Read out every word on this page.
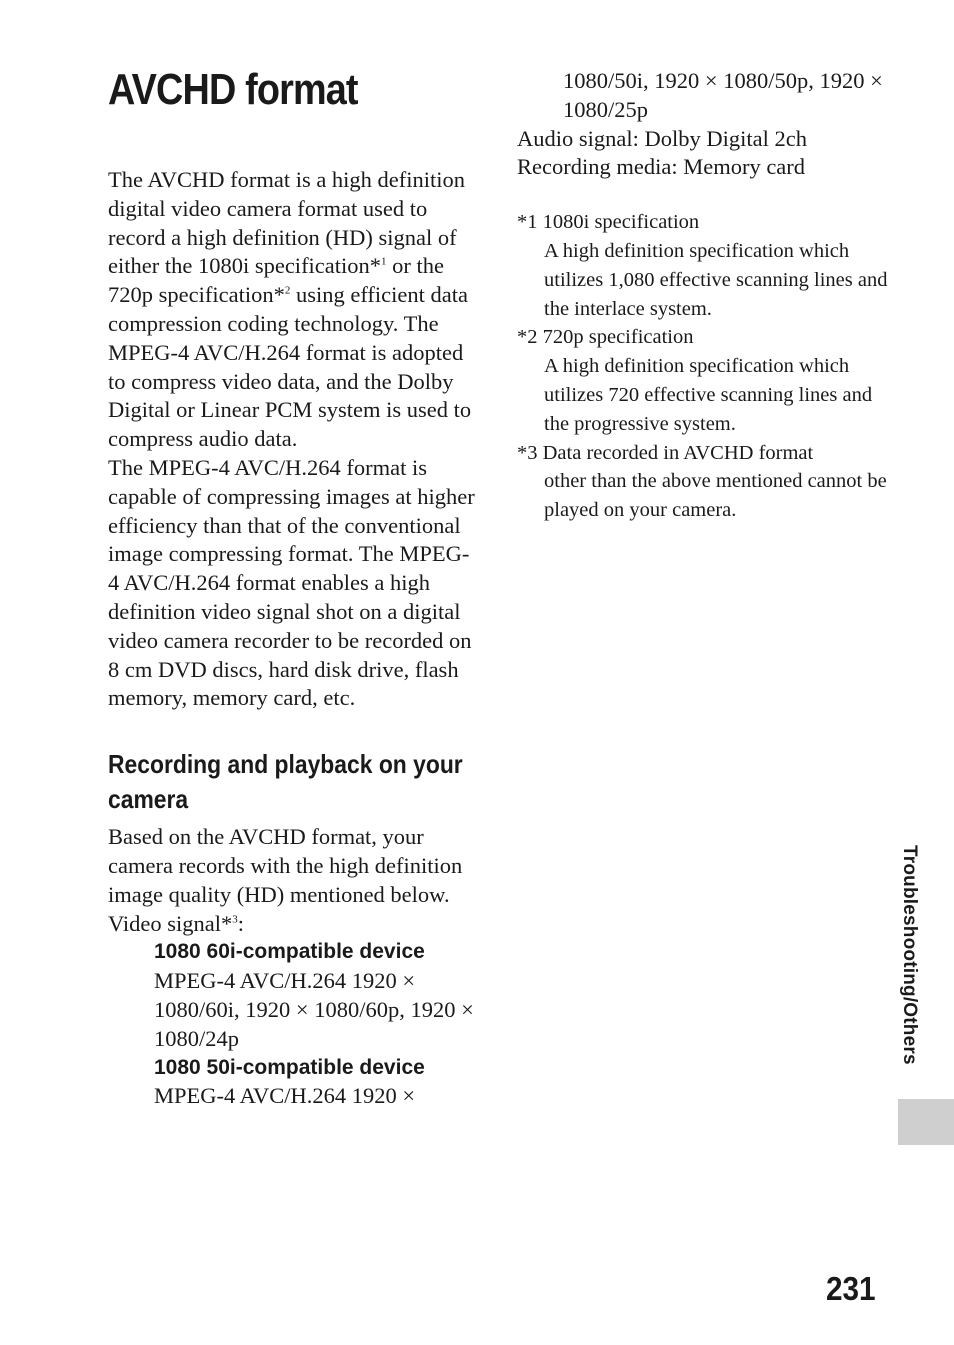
AVCHD format

The AVCHD format is a high definition digital video camera format used to record a high definition (HD) signal of either the 1080i specification*$^1$ or the 720p specification*$^2$ using efficient data compression coding technology. The MPEG-4 AVC/H.264 format is adopted to compress video data, and the Dolby Digital or Linear PCM system is used to compress audio data.

The MPEG-4 AVC/H.264 format is capable of compressing images at higher efficiency than that of the conventional image compressing format. The MPEG-4 AVC/H.264 format enables a high definition video signal shot on a digital video camera recorder to be recorded on 8 cm DVD discs, hard disk drive, flash memory, memory card, etc.

Recording and playback on your camera

Based on the AVCHD format, your camera records with the high definition image quality (HD) mentioned below.

Video signal*$^3$:

1080 60i-compatible device

MPEG-4 AVC/H.264 1920 × 1080/60i, 1920 × 1080/60p, 1920 × 1080/24p

1080 50i-compatible device

MPEG-4 AVC/H.264 1920 ×

1080/50i, 1920 × 1080/50p, 1920 × 1080/25p

Audio signal: Dolby Digital 2ch

Recording media: Memory card

*1 1080i specification

A high definition specification which utilizes 1,080 effective scanning lines and the interlace system.

*2 720p specification

A high definition specification which utilizes 720 effective scanning lines and the progressive system.

*3 Data recorded in AVCHD format

other than the above mentioned cannot be played on your camera.

Troubleshooting/Others
231
